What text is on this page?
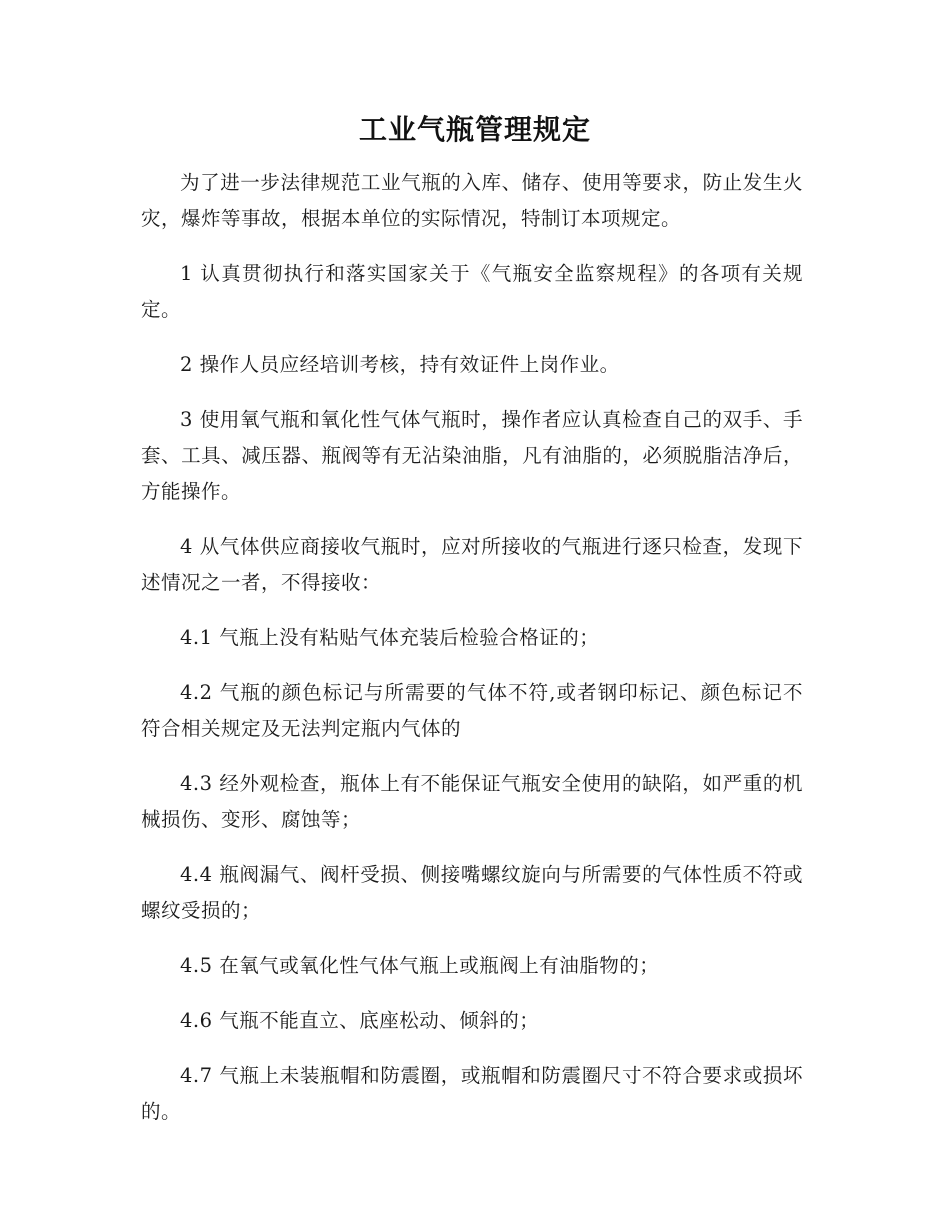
工业气瓶管理规定

为了进一步法律规范工业气瓶的入库、储存、使用等要求，防止发生火灾，爆炸等事故，根据本单位的实际情况，特制订本项规定。

1 认真贯彻执行和落实国家关于《气瓶安全监察规程》的各项有关规定。

2 操作人员应经培训考核，持有效证件上岗作业。

3 使用氧气瓶和氧化性气体气瓶时，操作者应认真检查自己的双手、手套、工具、减压器、瓶阀等有无沾染油脂，凡有油脂的，必须脱脂洁净后，方能操作。

4 从气体供应商接收气瓶时，应对所接收的气瓶进行逐只检查，发现下述情况之一者，不得接收：

4.1 气瓶上没有粘贴气体充装后检验合格证的；

4.2 气瓶的颜色标记与所需要的气体不符,或者钢印标记、颜色标记不符合相关规定及无法判定瓶内气体的

4.3 经外观检查，瓶体上有不能保证气瓶安全使用的缺陷，如严重的机械损伤、变形、腐蚀等；

4.4 瓶阀漏气、阀杆受损、侧接嘴螺纹旋向与所需要的气体性质不符或螺纹受损的；

4.5 在氧气或氧化性气体气瓶上或瓶阀上有油脂物的；

4.6 气瓶不能直立、底座松动、倾斜的；

4.7 气瓶上未装瓶帽和防震圈，或瓶帽和防震圈尺寸不符合要求或损坏的。
